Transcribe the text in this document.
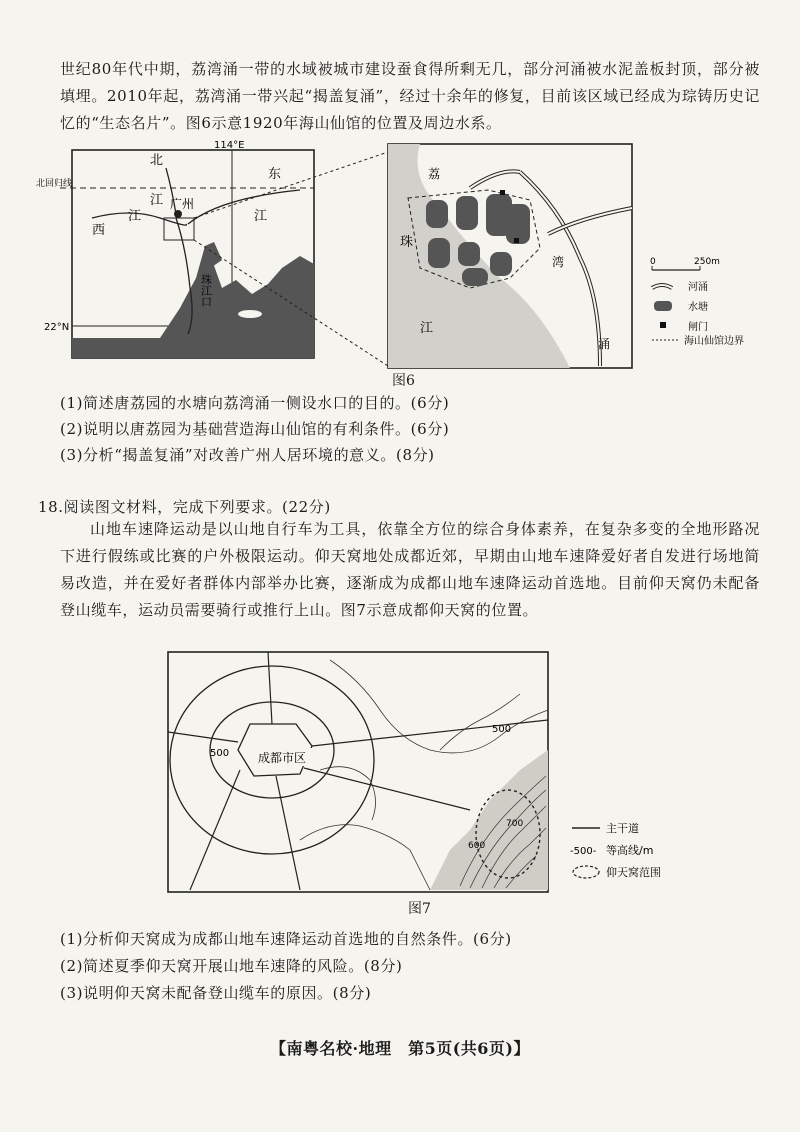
世纪80年代中期，荔湾涌一带的水域被城市建设蚕食得所剩无几，部分河涌被水泥盖板封顶，部分被填埋。2010年起，荔湾涌一带兴起“揭盖复涌”，经过十余年的修复，目前该区域已经成为琮铸历史记忆的“生态名片”。图6示意1920年海山仙馆的位置及周边水系。
114°E
北回归线
22°N
北
东
江 广州
西
江	江
珠江口
荔
湾
珠
江
涌
0	250m
河涌
水塘
闸门
海山仙馆边界
图6
(1)简述唐荔园的水塘向荔湾涌一侧设水口的目的。(6分)
(2)说明以唐荔园为基础营造海山仙馆的有利条件。(6分)
(3)分析“揭盖复涌”对改善广州人居环境的意义。(8分)
18.阅读图文材料，完成下列要求。(22分)
山地车速降运动是以山地自行车为工具，依靠全方位的综合身体素养，在复杂多变的全地形路况下进行假练或比赛的户外极限运动。仰天窝地处成都近郊，早期由山地车速降爱好者自发进行场地简易改造，并在爱好者群体内部举办比赛，逐渐成为成都山地车速降运动首选地。目前仰天窝仍未配备登山缆车，运动员需要骑行或推行上山。图7示意成都仰天窝的位置。
成都市区
500
500
700
600
主干道
-500- 等高线/m
仰天窝范围
图7
(1)分析仰天窝成为成都山地车速降运动首选地的自然条件。(6分)
(2)简述夏季仰天窝开展山地车速降的风险。(8分)
(3)说明仰天窝未配备登山缆车的原因。(8分)
【南粤名校·地理　第5页(共6页)】
